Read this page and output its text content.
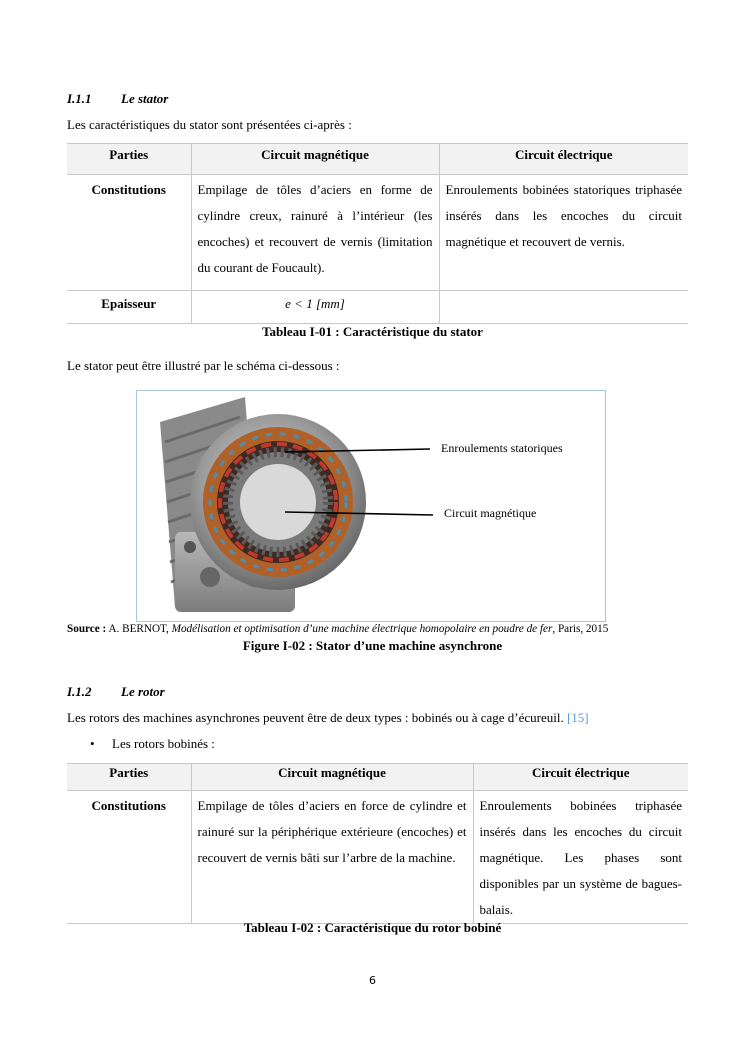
I.1.1 Le stator
Les caractéristiques du stator sont présentées ci-après :
Parties	Circuit magnétique	Circuit électrique
Constitutions	Empilage de tôles d’aciers en forme de cylindre creux, rainuré à l’intérieur (les encoches) et recouvert de vernis (limitation du courant de Foucault).	Enroulements bobinées statoriques triphasée insérés dans les encoches du circuit magnétique et recouvert de vernis.
Epaisseur	e < 1 [mm]	
Tableau I-01 : Caractéristique du stator
Le stator peut être illustré par le schéma ci-dessous :
Enroulements statoriques
Circuit magnétique
Source : A. BERNOT, Modélisation et optimisation d’une machine électrique homopolaire en poudre de fer, Paris, 2015
Figure I-02 : Stator d’une machine asynchrone
I.1.2 Le rotor
Les rotors des machines asynchrones peuvent être de deux types : bobinés ou à cage d’écureuil. [15]
• Les rotors bobinés :
Parties	Circuit magnétique	Circuit électrique
Constitutions	Empilage de tôles d’aciers en force de cylindre et rainuré sur la périphérique extérieure (encoches) et recouvert de vernis bâti sur l’arbre de la machine.	Enroulements bobinées triphasée insérés dans les encoches du circuit magnétique. Les phases sont disponibles par un système de bagues-balais.
Tableau I-02 : Caractéristique du rotor bobiné
6
